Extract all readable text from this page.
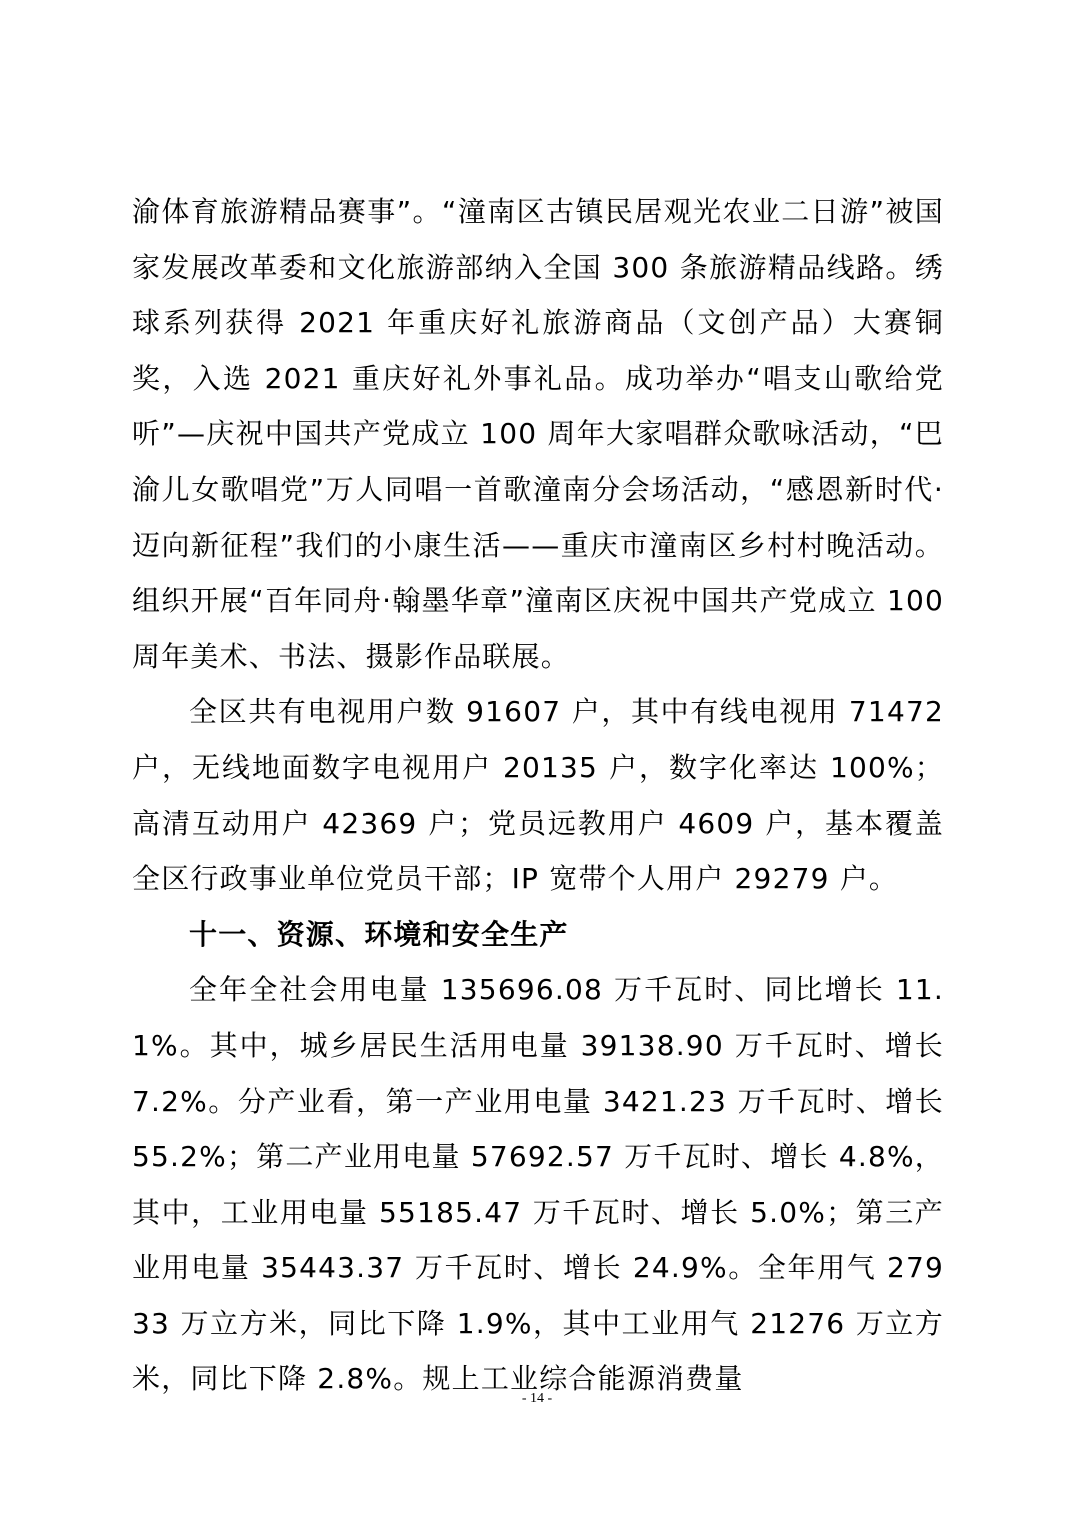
渝体育旅游精品赛事”。“潼南区古镇民居观光农业二日游”被国家发展改革委和文化旅游部纳入全国 300 条旅游精品线路。绣球系列获得 2021 年重庆好礼旅游商品（文创产品）大赛铜奖，入选 2021 重庆好礼外事礼品。成功举办“唱支山歌给党听”—庆祝中国共产党成立 100 周年大家唱群众歌咏活动，“巴渝儿女歌唱党”万人同唱一首歌潼南分会场活动，“感恩新时代·迈向新征程”我们的小康生活——重庆市潼南区乡村村晚活动。组织开展“百年同舟·翰墨华章”潼南区庆祝中国共产党成立 100 周年美术、书法、摄影作品联展。

全区共有电视用户数 91607 户，其中有线电视用 71472 户，无线地面数字电视用户 20135 户，数字化率达 100%；高清互动用户 42369 户；党员远教用户 4609 户，基本覆盖全区行政事业单位党员干部；IP 宽带个人用户 29279 户。

十一、资源、环境和安全生产

全年全社会用电量 135696.08 万千瓦时、同比增长 11.1%。其中，城乡居民生活用电量 39138.90 万千瓦时、增长 7.2%。分产业看，第一产业用电量 3421.23 万千瓦时、增长 55.2%；第二产业用电量 57692.57 万千瓦时、增长 4.8%，其中，工业用电量 55185.47 万千瓦时、增长 5.0%；第三产业用电量 35443.37 万千瓦时、增长 24.9%。全年用气 27933 万立方米，同比下降 1.9%，其中工业用气 21276 万立方米，同比下降 2.8%。规上工业综合能源消费量

- 14 -
